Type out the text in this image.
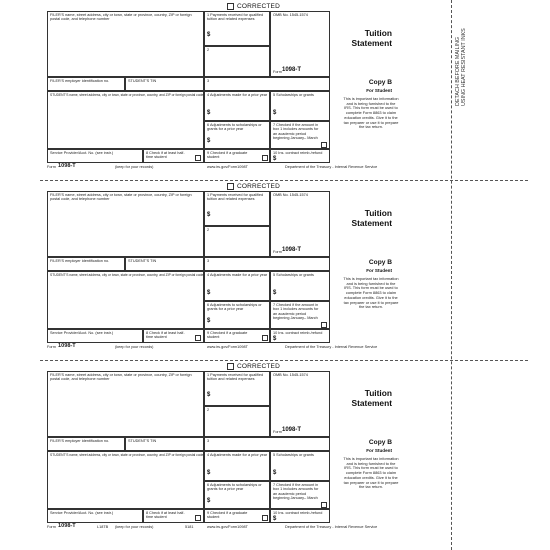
DETACH BEFORE MAILING USING HEAT RESISTANT INKS
CORRECTED
FILER'S name, street address, city or town, state or province, country, ZIP or foreign postal code, and telephone number
1 Payments received for qualified tuition and related expenses
$
2
OMB No. 1545-1574
Form 1098-T
Tuition
Statement
FILER'S employer identification no.	STUDENT'S TIN	3	Copy B
STUDENT'S name, street address, city or town, state or province, country, and ZIP or foreign postal code 4 Adjustments made for a prior year
$
5 Scholarships or grants
$
For Student
This is important tax information and is being furnished to the IRS. This form must be used to complete Form 8863 to claim education credits. Give it to the tax preparer or use it to prepare the tax return.
6 Adjustments to scholarships or grants for a prior year
$
7 Checked if the amount in box 1 includes amounts for an academic period beginning January– March
Service Provider/Acct. No. (see instr.)	8 Check if at least half-time student
9 Checked if a graduate student
10 Ins. contract reimb./refund
$
Form 1098-T	(keep for your records)	www.irs.gov/Form1098T	Department of the Treasury - Internal Revenue Service
CORRECTED
FILER'S name, street address, city or town, state or province, country, ZIP or foreign postal code, and telephone number
1 Payments received for qualified tuition and related expenses
$
2
OMB No. 1545-1574
Form 1098-T
Tuition
Statement
FILER'S employer identification no.	STUDENT'S TIN	3	Copy B
STUDENT'S name, street address, city or town, state or province, country, and ZIP or foreign postal code 4 Adjustments made for a prior year
$
5 Scholarships or grants
$
For Student
This is important tax information and is being furnished to the IRS. This form must be used to complete Form 8863 to claim education credits. Give it to the tax preparer or use it to prepare the tax return.
6 Adjustments to scholarships or grants for a prior year
$
7 Checked if the amount in box 1 includes amounts for an academic period beginning January– March
Service Provider/Acct. No. (see instr.)	8 Check if at least half-time student
9 Checked if a graduate student
10 Ins. contract reimb./refund
$
Form 1098-T	(keep for your records)	www.irs.gov/Form1098T	Department of the Treasury - Internal Revenue Service
CORRECTED
FILER'S name, street address, city or town, state or province, country, ZIP or foreign postal code, and telephone number
1 Payments received for qualified tuition and related expenses
$
2
OMB No. 1545-1574
Form 1098-T
Tuition
Statement
FILER'S employer identification no.	STUDENT'S TIN	3	Copy B
STUDENT'S name, street address, city or town, state or province, country, and ZIP or foreign postal code 4 Adjustments made for a prior year
$
5 Scholarships or grants
$
For Student
This is important tax information and is being furnished to the IRS. This form must be used to complete Form 8863 to claim education credits. Give it to the tax preparer or use it to prepare the tax return.
6 Adjustments to scholarships or grants for a prior year
$
7 Checked if the amount in box 1 includes amounts for an academic period beginning January– March
Service Provider/Acct. No. (see instr.)	8 Check if at least half-time student
9 Checked if a graduate student
10 Ins. contract reimb./refund
$
Form 1098-T	L18TB (keep for your records)	5181	www.irs.gov/Form1098T	Department of the Treasury - Internal Revenue Service
